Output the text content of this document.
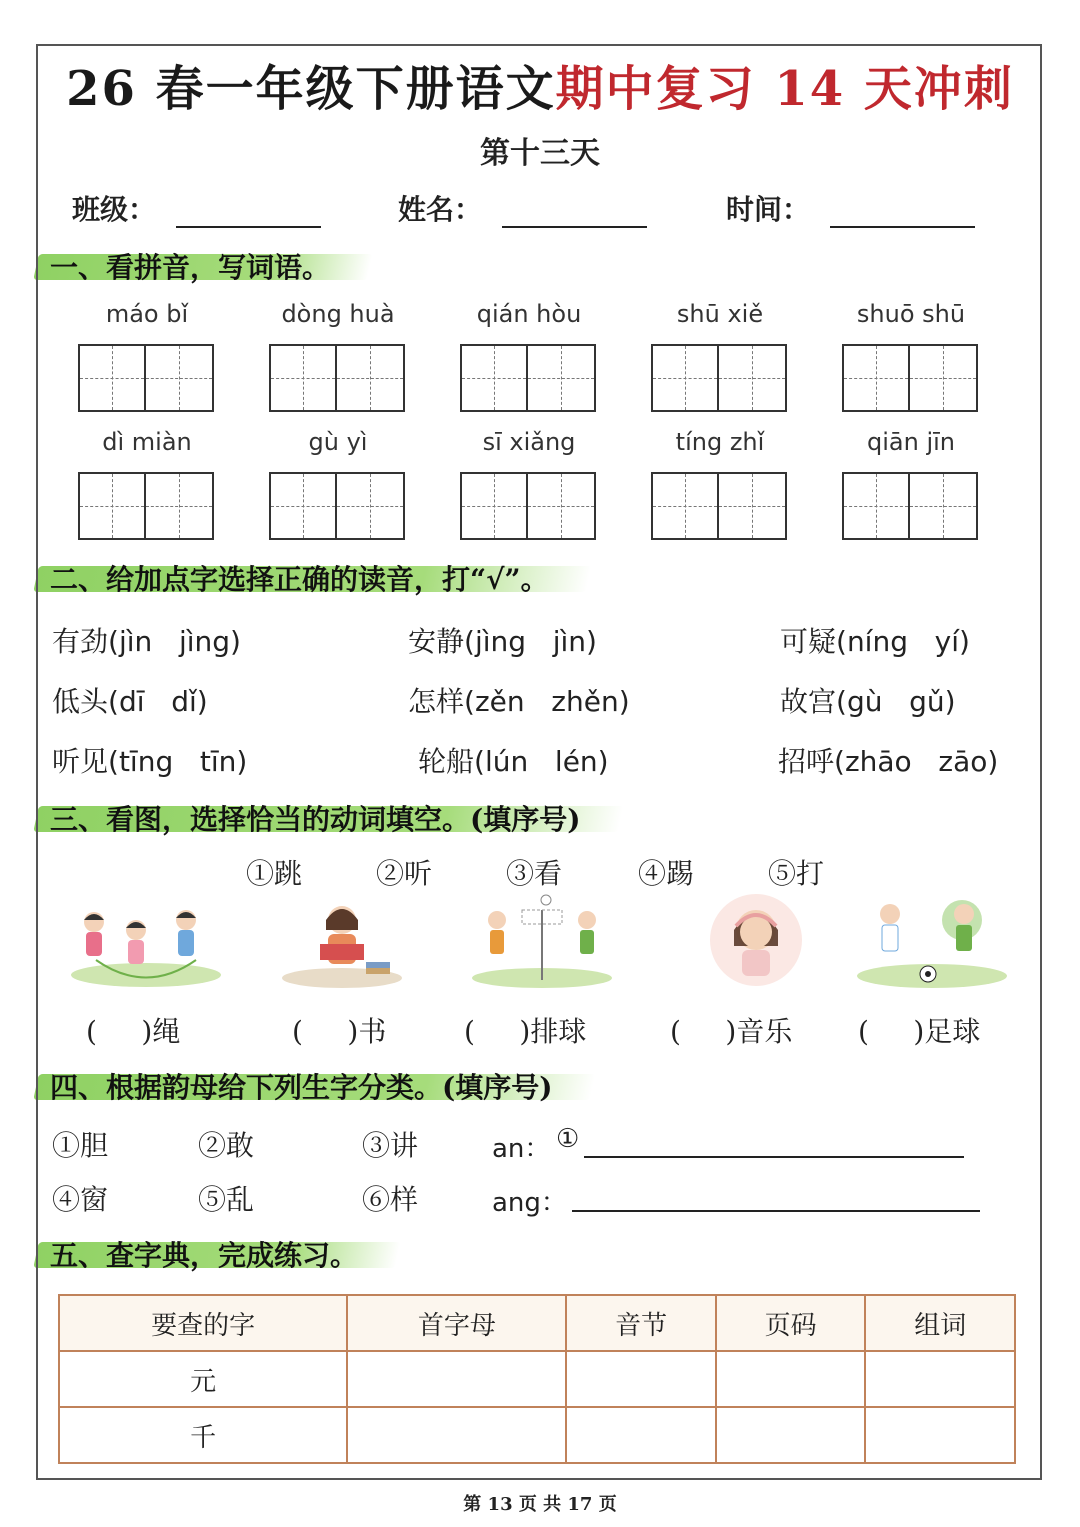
26 春一年级下册语文期中复习 14 天冲刺
第十三天
班级：	姓名：	时间：
一、看拼音，写词语。
máo bǐ	dòng huà	qián hòu	shū xiě	shuō shū
dì miàn	gù yì	sī xiǎng	tíng zhǐ	qiān jīn
二、给加点字选择正确的读音，打“√”。
有劲(jìn   jìng)	安静(jìng   jìn)	可疑(níng   yí)
低头(dī   dǐ)	怎样(zěn   zhěn)	故宫(gù   gǔ)
听见(tīng   tīn)	轮船(lún   lén)	招呼(zhāo   zāo)
三、看图，选择恰当的动词填空。(填序号)
①跳	②听	③看	④踢	⑤打
(     )绳	(     )书	(     )排球	(     )音乐 (     )足球
四、根据韵母给下列生字分类。(填序号)
①胆	②敢	③讲
④窗	⑤乱	⑥样
an： ①
ang：
五、查字典，完成练习。
要查的字	首字母	音节	页码	组词
元				
千				
第 13 页 共 17 页
